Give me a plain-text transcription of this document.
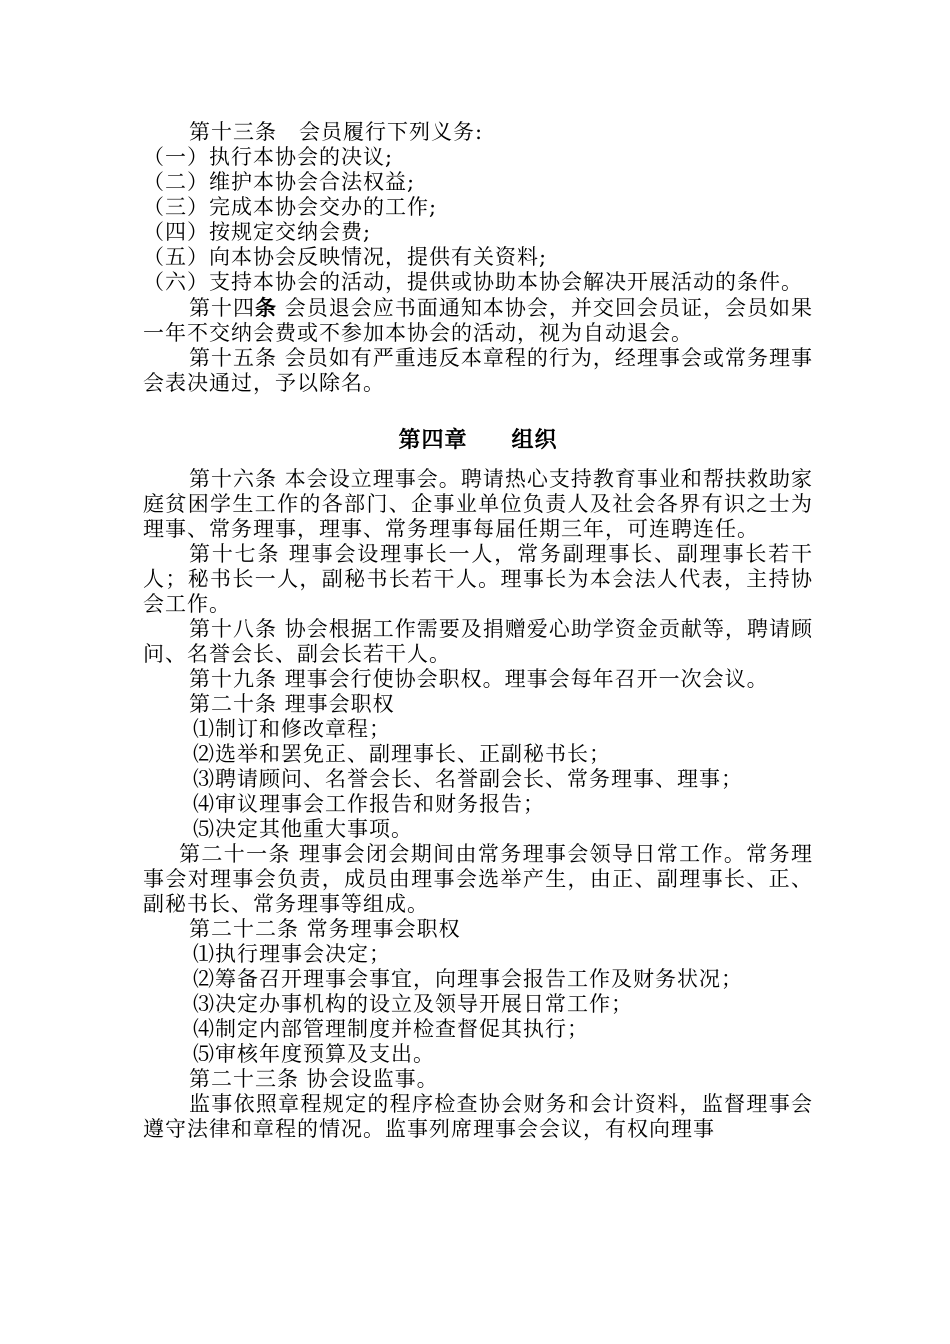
第十三条　会员履行下列义务:

（一）执行本协会的决议;

（二）维护本协会合法权益;

（三）完成本协会交办的工作;

（四）按规定交纳会费;

（五）向本协会反映情况，提供有关资料;

（六）支持本协会的活动，提供或协助本协会解决开展活动的条件。

第十四条 会员退会应书面通知本协会，并交回会员证，会员如果一年不交纳会费或不参加本协会的活动，视为自动退会。

第十五条 会员如有严重违反本章程的行为，经理事会或常务理事会表决通过，予以除名。

第四章 组织

第十六条 本会设立理事会。聘请热心支持教育事业和帮扶救助家庭贫困学生工作的各部门、企事业单位负责人及社会各界有识之士为理事、常务理事，理事、常务理事每届任期三年，可连聘连任。

第十七条 理事会设理事长一人，常务副理事长、副理事长若干人；秘书长一人，副秘书长若干人。理事长为本会法人代表，主持协会工作。

第十八条 协会根据工作需要及捐赠爱心助学资金贡献等，聘请顾问、名誉会长、副会长若干人。

第十九条 理事会行使协会职权。理事会每年召开一次会议。

第二十条 理事会职权

⑴制订和修改章程；

⑵选举和罢免正、副理事长、正副秘书长；

⑶聘请顾问、名誉会长、名誉副会长、常务理事、理事；

⑷审议理事会工作报告和财务报告；

⑸决定其他重大事项。

第二十一条 理事会闭会期间由常务理事会领导日常工作。常务理事会对理事会负责，成员由理事会选举产生，由正、副理事长、正、副秘书长、常务理事等组成。

第二十二条 常务理事会职权

⑴执行理事会决定；

⑵筹备召开理事会事宜，向理事会报告工作及财务状况；

⑶决定办事机构的设立及领导开展日常工作；

⑷制定内部管理制度并检查督促其执行；

⑸审核年度预算及支出。

第二十三条 协会设监事。

监事依照章程规定的程序检查协会财务和会计资料，监督理事会遵守法律和章程的情况。监事列席理事会会议，有权向理事
